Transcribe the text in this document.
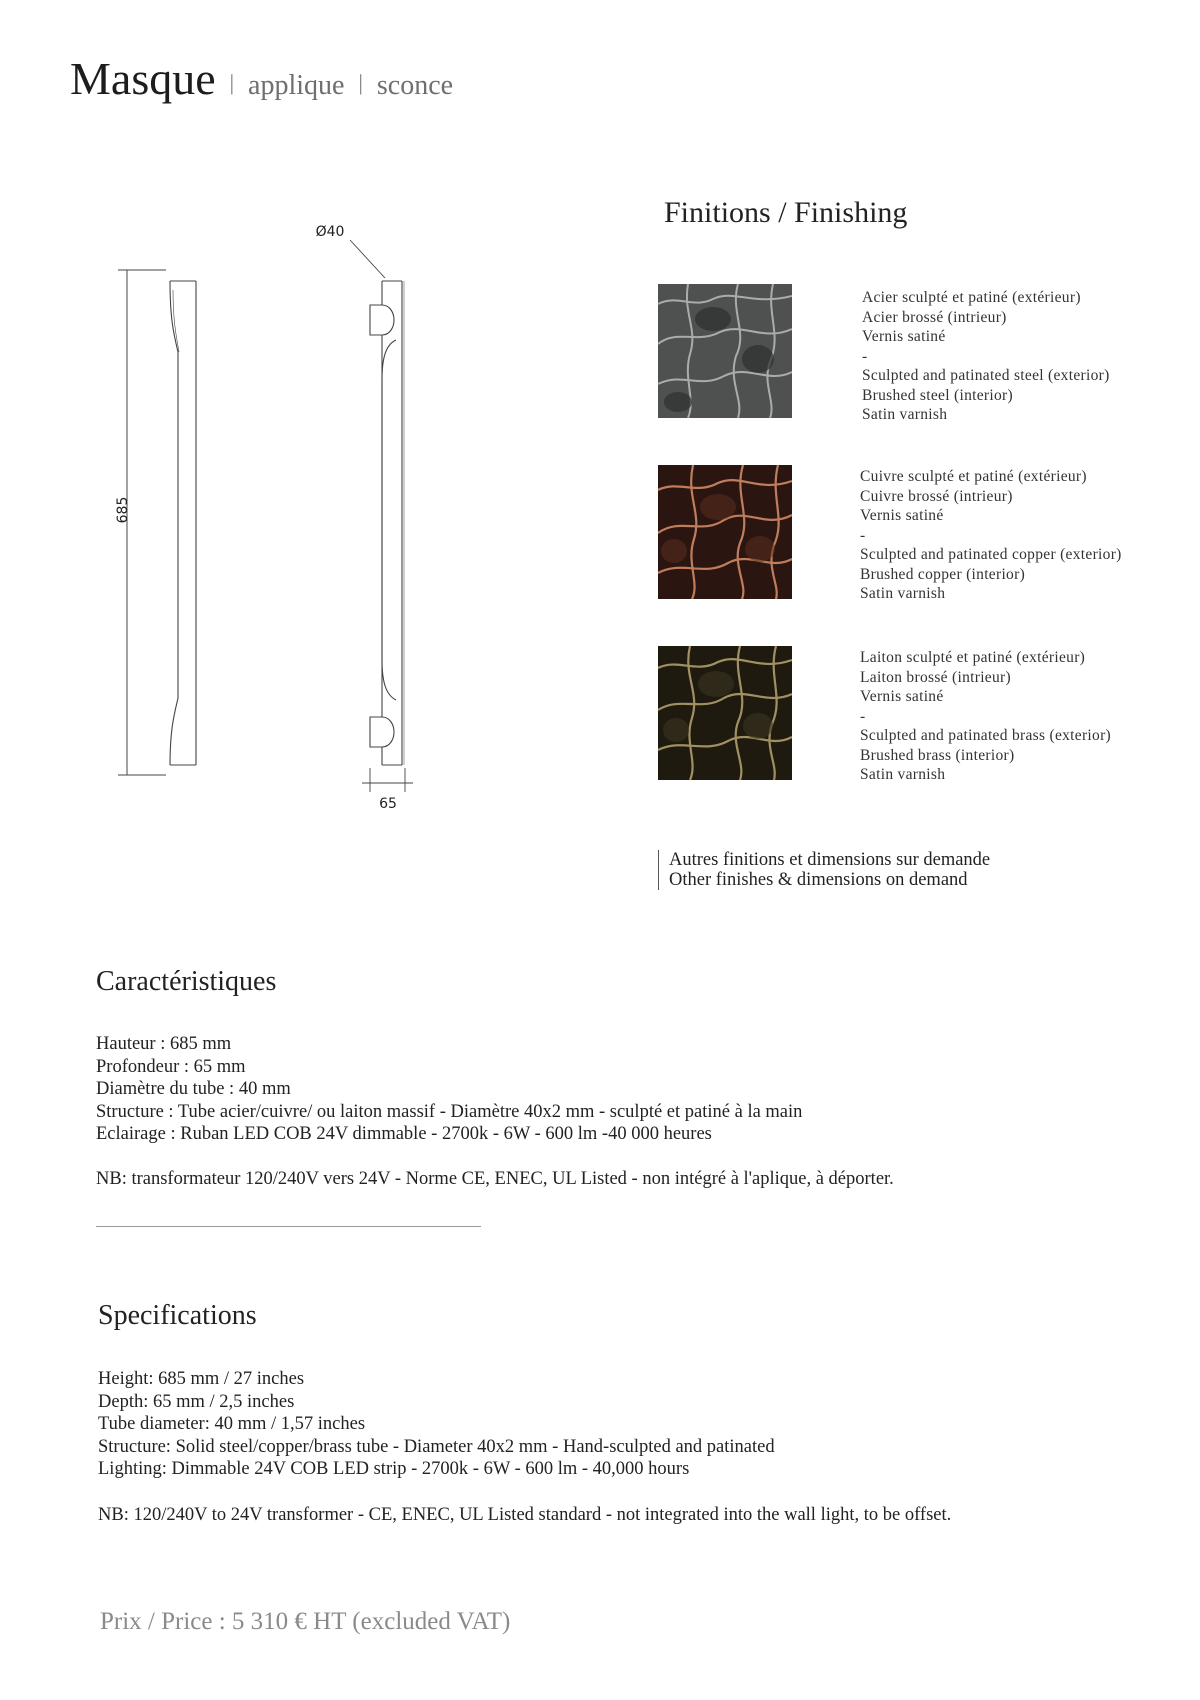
Masque | applique | sconce
685
Ø40
65
Finitions / Finishing
Acier sculpté et patiné (extérieur)
Acier brossé (intrieur)
Vernis satiné
-
Sculpted and patinated steel (exterior)
Brushed steel (interior)
Satin varnish
Cuivre sculpté et patiné (extérieur)
Cuivre brossé (intrieur)
Vernis satiné
-
Sculpted and patinated copper (exterior)
Brushed copper (interior)
Satin varnish
Laiton sculpté et patiné (extérieur)
Laiton brossé (intrieur)
Vernis satiné
-
Sculpted and patinated brass (exterior)
Brushed brass (interior)
Satin varnish
Autres finitions et dimensions sur demande
Other finishes & dimensions on demand
Caractéristiques
Hauteur : 685 mm
Profondeur : 65 mm
Diamètre du tube : 40 mm
Structure : Tube acier/cuivre/ ou laiton massif - Diamètre 40x2 mm - sculpté et patiné à la main
Eclairage : Ruban LED COB 24V dimmable - 2700k - 6W - 600 lm -40 000 heures
NB: transformateur 120/240V vers 24V - Norme CE, ENEC, UL Listed - non intégré à l'aplique, à déporter.
Specifications
Height: 685 mm / 27 inches
Depth: 65 mm / 2,5 inches
Tube diameter: 40 mm / 1,57 inches
Structure: Solid steel/copper/brass tube - Diameter 40x2 mm - Hand-sculpted and patinated
Lighting: Dimmable 24V COB LED strip - 2700k - 6W - 600 lm - 40,000 hours
NB: 120/240V to 24V transformer - CE, ENEC, UL Listed standard - not integrated into the wall light, to be offset.
Prix / Price : 5 310 € HT (excluded VAT)
